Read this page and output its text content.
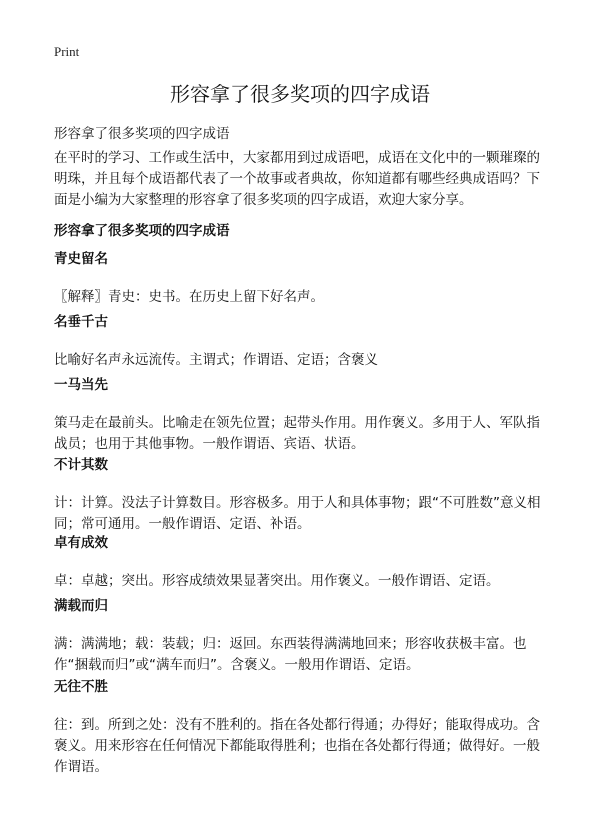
Print
形容拿了很多奖项的四字成语

形容拿了很多奖项的四字成语

在平时的学习、工作或生活中，大家都用到过成语吧，成语在文化中的一颗璀璨的明珠，并且每个成语都代表了一个故事或者典故，你知道都有哪些经典成语吗？下面是小编为大家整理的形容拿了很多奖项的四字成语，欢迎大家分享。

形容拿了很多奖项的四字成语
青史留名

〖解释〗青史：史书。在历史上留下好名声。

名垂千古

比喻好名声永远流传。主谓式；作谓语、定语；含褒义

一马当先

策马走在最前头。比喻走在领先位置；起带头作用。用作褒义。多用于人、军队指战员；也用于其他事物。一般作谓语、宾语、状语。

不计其数

计：计算。没法子计算数目。形容极多。用于人和具体事物；跟“不可胜数”意义相同；常可通用。一般作谓语、定语、补语。

卓有成效

卓：卓越；突出。形容成绩效果显著突出。用作褒义。一般作谓语、定语。

满载而归

满：满满地；载：装载；归：返回。东西装得满满地回来；形容收获极丰富。也作“捆载而归”或“满车而归”。含褒义。一般用作谓语、定语。

无往不胜

往：到。所到之处：没有不胜利的。指在各处都行得通；办得好；能取得成功。含褒义。用来形容在任何情况下都能取得胜利；也指在各处都行得通；做得好。一般作谓语。
